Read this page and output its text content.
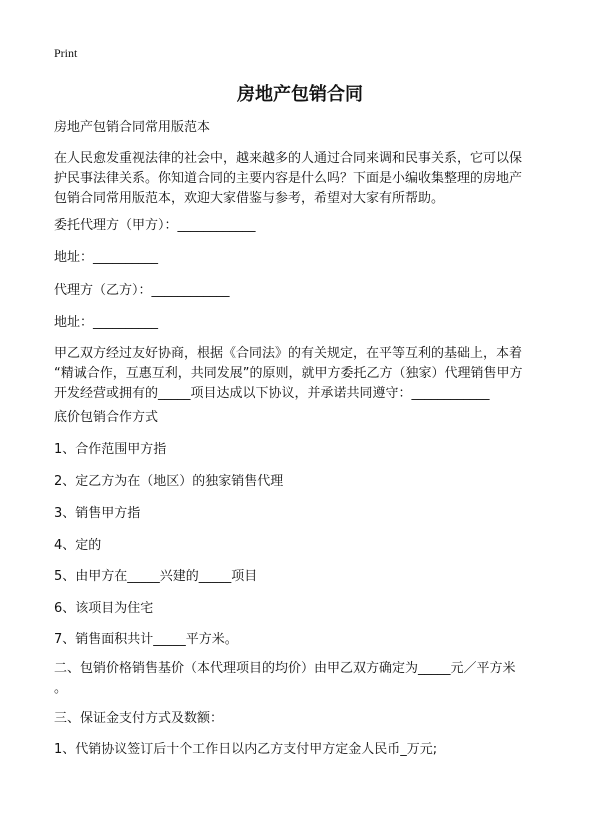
Print
房地产包销合同

房地产包销合同常用版范本

在人民愈发重视法律的社会中，越来越多的人通过合同来调和民事关系，它可以保
护民事法律关系。你知道合同的主要内容是什么吗？下面是小编收集整理的房地产
包销合同常用版范本，欢迎大家借鉴与参考，希望对大家有所帮助。

委托代理方（甲方）：____________

地址：__________

代理方（乙方）：____________

地址：__________

甲乙双方经过友好协商，根据《合同法》的有关规定，在平等互利的基础上，本着
“精诚合作，互惠互利，共同发展”的原则，就甲方委托乙方（独家）代理销售甲方
开发经营或拥有的_____项目达成以下协议，并承诺共同遵守：____________

底价包销合作方式

1、合作范围甲方指

2、定乙方为在（地区）的独家销售代理

3、销售甲方指

4、定的

5、由甲方在_____兴建的_____项目

6、该项目为住宅

7、销售面积共计_____平方米。

二、包销价格销售基价（本代理项目的均价）由甲乙双方确定为_____元／平方米
。

三、保证金支付方式及数额：

1、代销协议签订后十个工作日以内乙方支付甲方定金人民币_万元;
